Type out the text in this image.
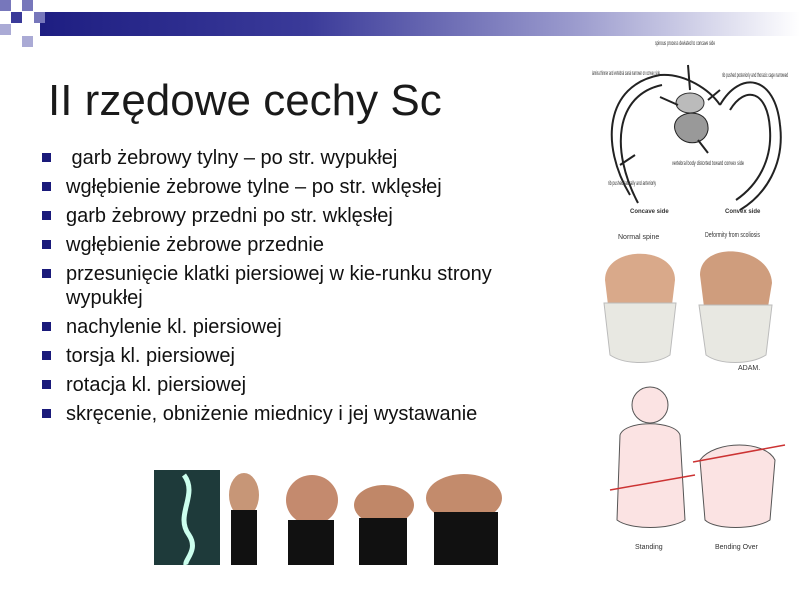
II rzędowe cechy Sc
garb żebrowy tylny – po str. wypukłej
wgłębienie żebrowe tylne – po str. wklęsłej
garb żebrowy przedni po str. wklęsłej
wgłębienie żebrowe przednie
przesunięcie klatki piersiowej w kie-runku strony wypukłej
nachylenie kl. piersiowej
torsja kl. piersiowej
rotacja kl. piersiowej
skręcenie, obniżenie miednicy i jej wystawanie
spinous process deviated to concave side
lamina thinner and vertebral canal narrower on convex side	rib pushed posteriorly and thoracic cage narrowed
vertebral body distorted toward convex side
rib pushed laterally and anteriorly
Concave side	Convex side
Normal spine	Deformity from scoliosis
ADAM.
Standing	Bending Over
